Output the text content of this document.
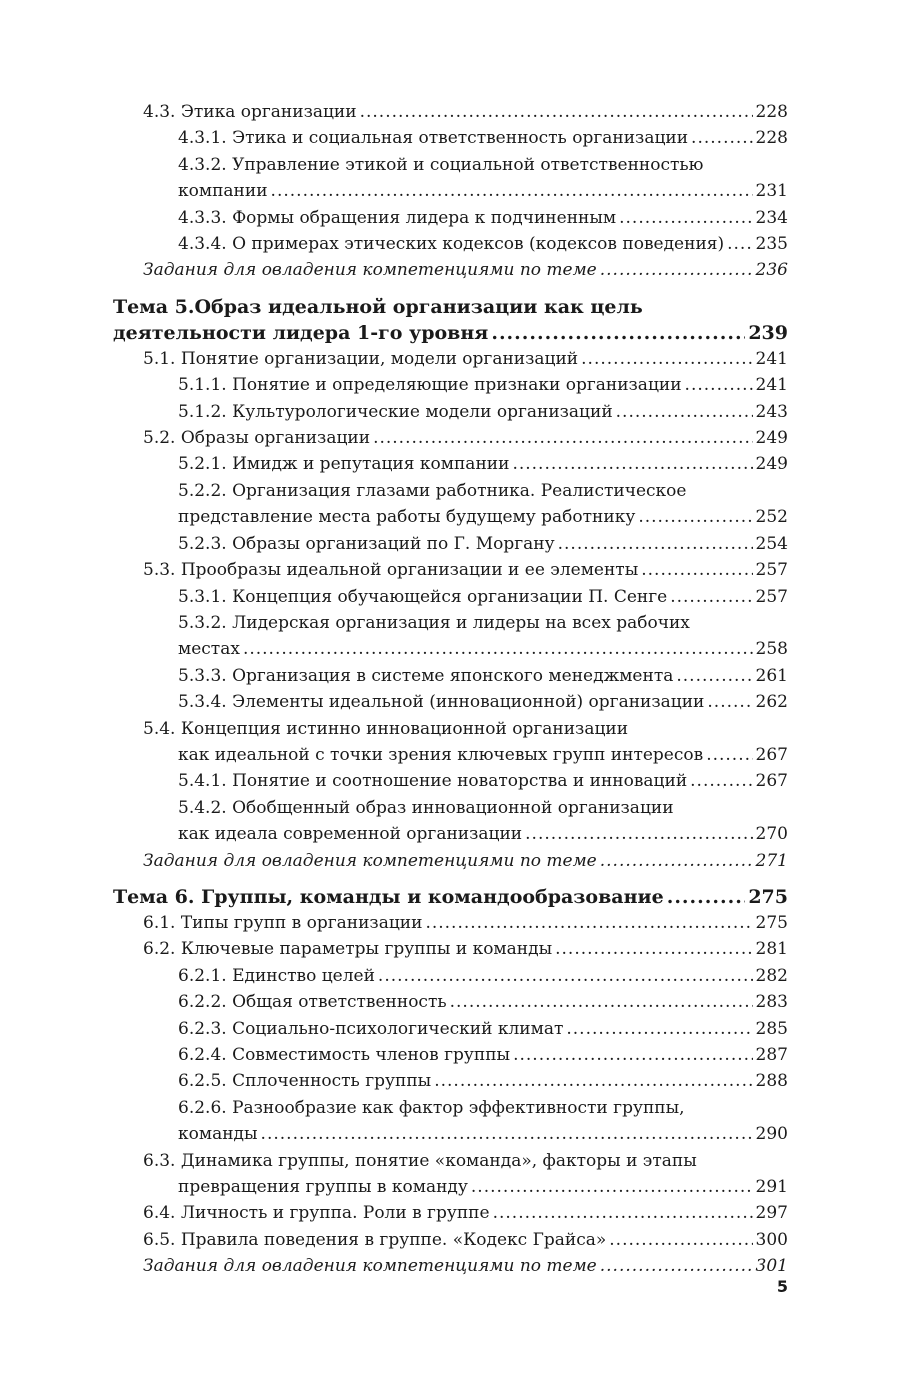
4.3. Этика организации .....	228
4.3.1. Этика и социальная ответственность организации .....	228
4.3.2. Управление этикой и социальной ответственностью
компании .....	231
4.3.3. Формы обращения лидера к подчиненным .....	234
4.3.4. О примерах этических кодексов (кодексов поведения) ..... 235
Задания для овладения компетенциями по теме .....	236
Тема 5.Образ идеальной организации как цель
деятельности лидера 1-го уровня .....	239
5.1. Понятие организации, модели организаций .....	241
5.1.1. Понятие и определяющие признаки организации .....	241
5.1.2. Культурологические модели организаций .....	243
5.2. Образы организации .....	249
5.2.1. Имидж и репутация компании .....	249
5.2.2. Организация глазами работника. Реалистическое
представление места работы будущему работнику .....	252
5.2.3. Образы организаций по Г. Моргану .....	254
5.3. Прообразы идеальной организации и ее элементы .....	257
5.3.1. Концепция обучающейся организации П. Сенге .....	257
5.3.2. Лидерская организация и лидеры на всех рабочих
местах .....	258
5.3.3. Организация в системе японского менеджмента .....	261
5.3.4. Элементы идеальной (инновационной) организации .....	262
5.4. Концепция истинно инновационной организации
как идеальной с точки зрения ключевых групп интересов .....	267
5.4.1. Понятие и соотношение новаторства и инноваций .....	267
5.4.2. Обобщенный образ инновационной организации
как идеала современной организации .....	270
Задания для овладения компетенциями по теме .....	271
Тема 6. Группы, команды и командообразование .....	275
6.1. Типы групп в организации .....	275
6.2. Ключевые параметры группы и команды .....	281
6.2.1. Единство целей .....	282
6.2.2. Общая ответственность .....	283
6.2.3. Социально-психологический климат .....	285
6.2.4. Совместимость членов группы .....	287
6.2.5. Сплоченность группы .....	288
6.2.6. Разнообразие как фактор эффективности группы,
команды .....	290
6.3. Динамика группы, понятие «команда», факторы и этапы
превращения группы в команду .....	291
6.4. Личность и группа. Роли в группе .....	297
6.5. Правила поведения в группе. «Кодекс Грайса» .....	300
Задания для овладения компетенциями по теме .....	301
5
